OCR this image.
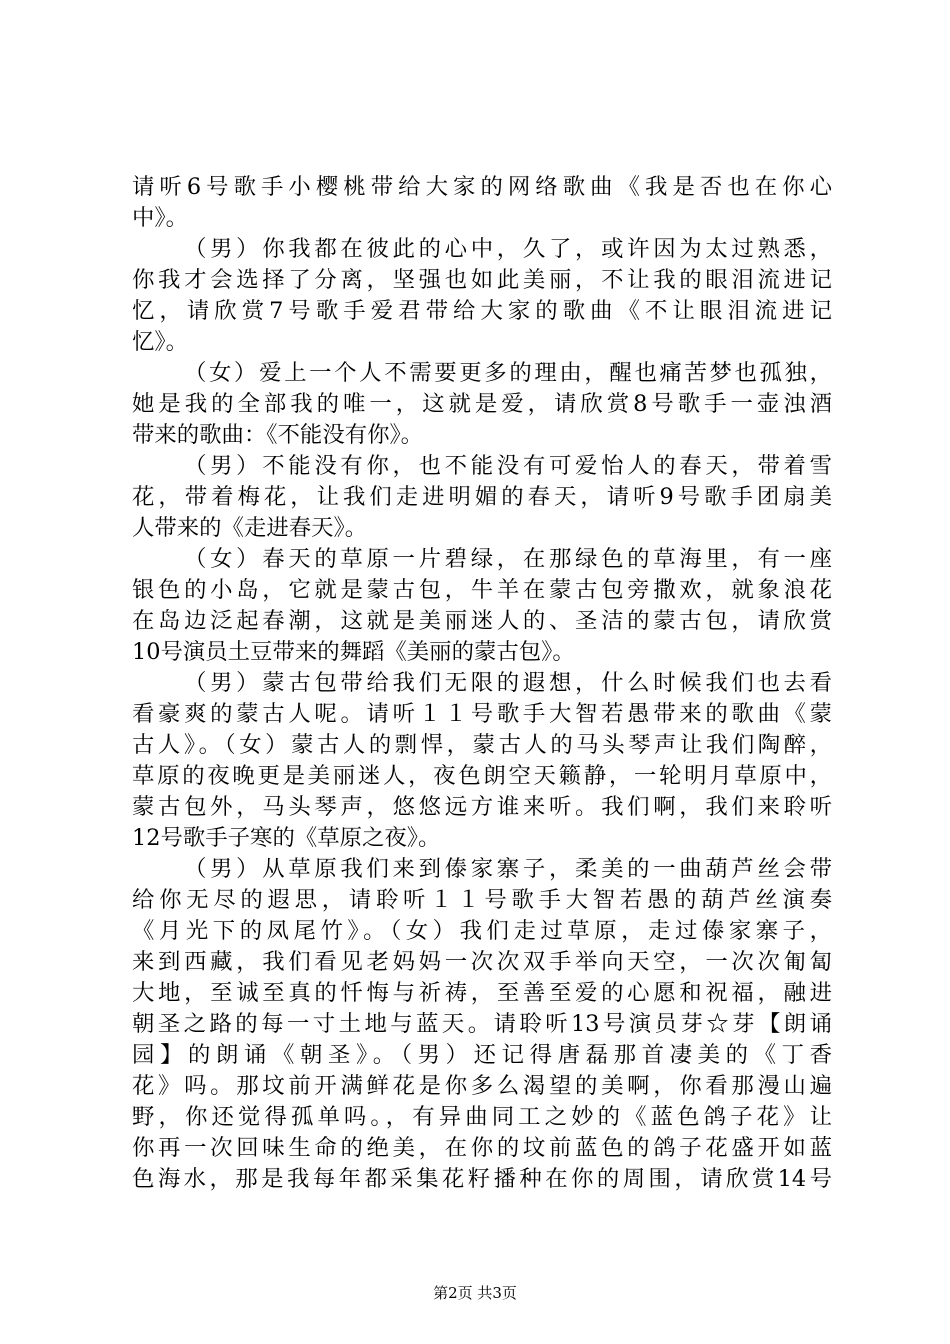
请听6号歌手小樱桃带给大家的网络歌曲《我是否也在你心
中》。
（男）你我都在彼此的心中，久了，或许因为太过熟悉，
你我才会选择了分离，坚强也如此美丽，不让我的眼泪流进记
忆，请欣赏7号歌手爱君带给大家的歌曲《不让眼泪流进记
忆》。
（女）爱上一个人不需要更多的理由，醒也痛苦梦也孤独，
她是我的全部我的唯一，这就是爱，请欣赏8号歌手一壶浊酒
带来的歌曲：《不能没有你》。
（男）不能没有你，也不能没有可爱怡人的春天，带着雪
花，带着梅花，让我们走进明媚的春天，请听9号歌手团扇美
人带来的《走进春天》。
（女）春天的草原一片碧绿，在那绿色的草海里，有一座
银色的小岛，它就是蒙古包，牛羊在蒙古包旁撒欢，就象浪花
在岛边泛起春潮，这就是美丽迷人的、圣洁的蒙古包，请欣赏
10号演员土豆带来的舞蹈《美丽的蒙古包》。
（男）蒙古包带给我们无限的遐想，什么时候我们也去看
看豪爽的蒙古人呢。请听１１号歌手大智若愚带来的歌曲《蒙
古人》。（女）蒙古人的剽悍，蒙古人的马头琴声让我们陶醉，
草原的夜晚更是美丽迷人，夜色朗空天籁静，一轮明月草原中，
蒙古包外，马头琴声，悠悠远方谁来听。我们啊，我们来聆听
12号歌手子寒的《草原之夜》。
（男）从草原我们来到傣家寨子，柔美的一曲葫芦丝会带
给你无尽的遐思，请聆听１１号歌手大智若愚的葫芦丝演奏
《月光下的凤尾竹》。（女）我们走过草原，走过傣家寨子，
来到西藏，我们看见老妈妈一次次双手举向天空，一次次匍匐
大地，至诚至真的忏悔与祈祷，至善至爱的心愿和祝福，融进
朝圣之路的每一寸土地与蓝天。请聆听13号演员芽☆芽【朗诵
园】的朗诵《朝圣》。（男）还记得唐磊那首凄美的《丁香
花》吗。那坟前开满鲜花是你多么渴望的美啊，你看那漫山遍
野，你还觉得孤单吗。，有异曲同工之妙的《蓝色鸽子花》让
你再一次回味生命的绝美，在你的坟前蓝色的鸽子花盛开如蓝
色海水，那是我每年都采集花籽播种在你的周围，请欣赏14号
第2页 共3页
